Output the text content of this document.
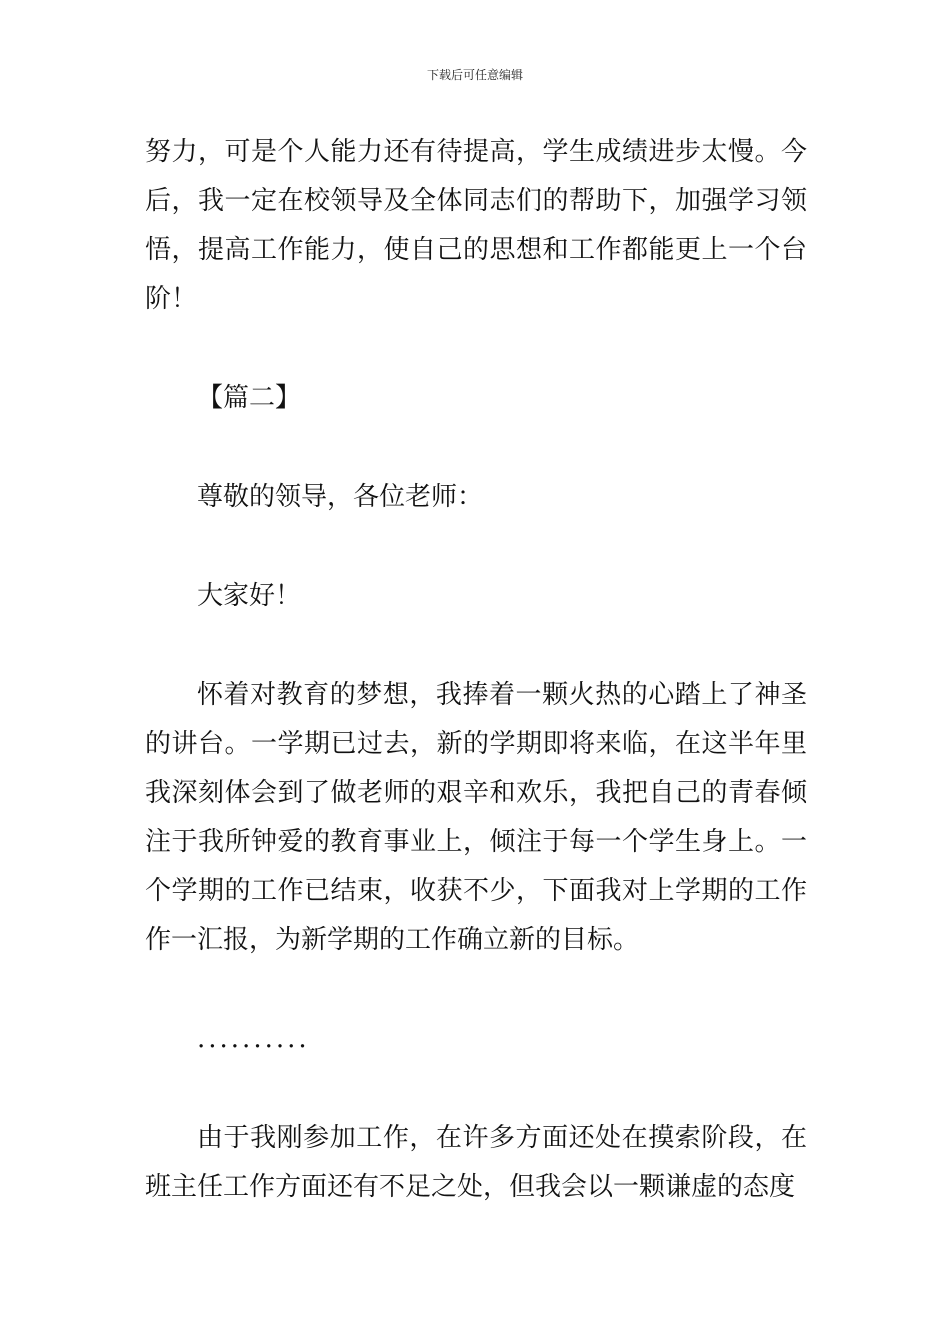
下载后可任意编辑

努力，可是个人能力还有待提高，学生成绩进步太慢。今后，我一定在校领导及全体同志们的帮助下，加强学习领悟，提高工作能力，使自己的思想和工作都能更上一个台阶！

【篇二】

尊敬的领导，各位老师：

大家好！

怀着对教育的梦想，我捧着一颗火热的心踏上了神圣的讲台。一学期已过去，新的学期即将来临，在这半年里我深刻体会到了做老师的艰辛和欢乐，我把自己的青春倾注于我所钟爱的教育事业上，倾注于每一个学生身上。一个学期的工作已结束，收获不少，下面我对上学期的工作作一汇报，为新学期的工作确立新的目标。

..........

由于我刚参加工作，在许多方面还处在摸索阶段，在班主任工作方面还有不足之处，但我会以一颗谦虚的态度
